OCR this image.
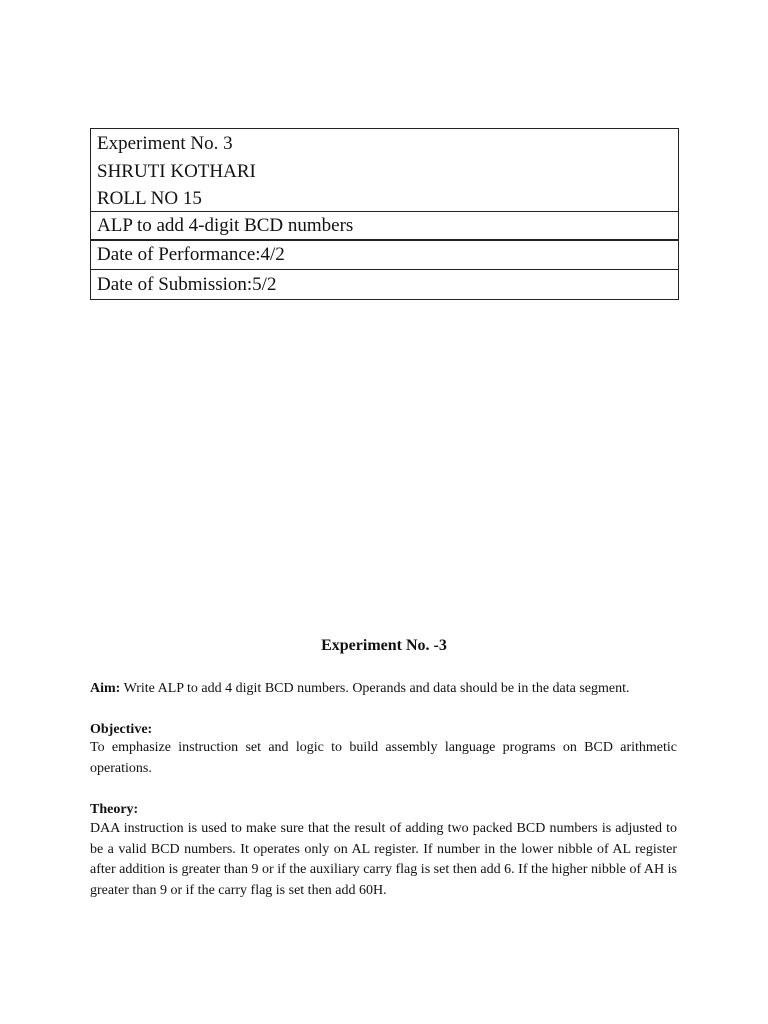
Experiment No. 3
SHRUTI KOTHARI
ROLL NO 15
ALP to add 4-digit BCD numbers
Date of Performance:4/2
Date of Submission:5/2
Experiment No. -3
Aim: Write ALP to add 4 digit BCD numbers. Operands and data should be in the data segment.
Objective:
To emphasize instruction set and logic to build assembly language programs on BCD arithmetic operations.
Theory:
DAA instruction is used to make sure that the result of adding two packed BCD numbers is adjusted to be a valid BCD numbers. It operates only on AL register. If number in the lower nibble of AL register after addition is greater than 9 or if the auxiliary carry flag is set then add 6. If the higher nibble of AH is greater than 9 or if the carry flag is set then add 60H.
